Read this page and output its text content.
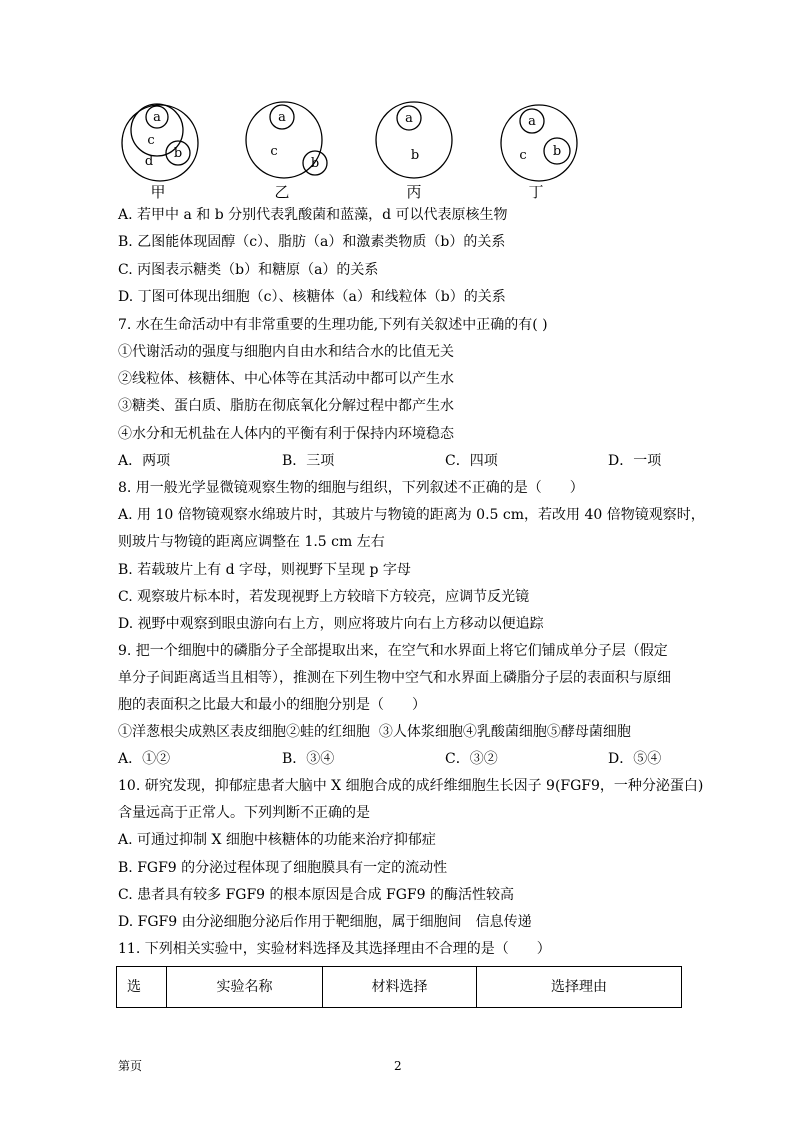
a
c
d
b
甲
a
c
b
乙
a
b
丙
a
c b
丁
A. 若甲中 a 和 b 分别代表乳酸菌和蓝藻，d 可以代表原核生物
B. 乙图能体现固醇（c）、脂肪（a）和激素类物质（b）的关系
C. 丙图表示糖类（b）和糖原（a）的关系
D. 丁图可体现出细胞（c）、核糖体（a）和线粒体（b）的关系
7. 水在生命活动中有非常重要的生理功能,下列有关叙述中正确的有( )
①代谢活动的强度与细胞内自由水和结合水的比值无关
②线粒体、核糖体、中心体等在其活动中都可以产生水
③糖类、蛋白质、脂肪在彻底氧化分解过程中都产生水
④水分和无机盐在人体内的平衡有利于保持内环境稳态
A．两项	B．三项	C．四项	D．一项
8. 用一般光学显微镜观察生物的细胞与组织，下列叙述不正确的是（　　）
A. 用 10 倍物镜观察水绵玻片时，其玻片与物镜的距离为 0.5 cm，若改用 40 倍物镜观察时，
则玻片与物镜的距离应调整在 1.5 cm 左右
B. 若载玻片上有 d 字母，则视野下呈现 p 字母
C. 观察玻片标本时，若发现视野上方较暗下方较亮，应调节反光镜
D. 视野中观察到眼虫游向右上方，则应将玻片向右上方移动以便追踪
9. 把一个细胞中的磷脂分子全部提取出来，在空气和水界面上将它们铺成单分子层（假定
单分子间距离适当且相等），推测在下列生物中空气和水界面上磷脂分子层的表面积与原细
胞的表面积之比最大和最小的细胞分别是（　　）
①洋葱根尖成熟区表皮细胞②蛙的红细胞  ③人体浆细胞④乳酸菌细胞⑤酵母菌细胞
A．①②	B．③④	C．③②	D．⑤④
10. 研究发现，抑郁症患者大脑中 X 细胞合成的成纤维细胞生长因子 9(FGF9，一种分泌蛋白)
含量远高于正常人。下列判断不正确的是
A. 可通过抑制 X 细胞中核糖体的功能来治疗抑郁症
B. FGF9 的分泌过程体现了细胞膜具有一定的流动性
C. 患者具有较多 FGF9 的根本原因是合成 FGF9 的酶活性较高
D. FGF9 由分泌细胞分泌后作用于靶细胞，属于细胞间　信息传递
11. 下列相关实验中，实验材料选择及其选择理由不合理的是（　　）
选	实验名称	材料选择	选择理由
第页	2
